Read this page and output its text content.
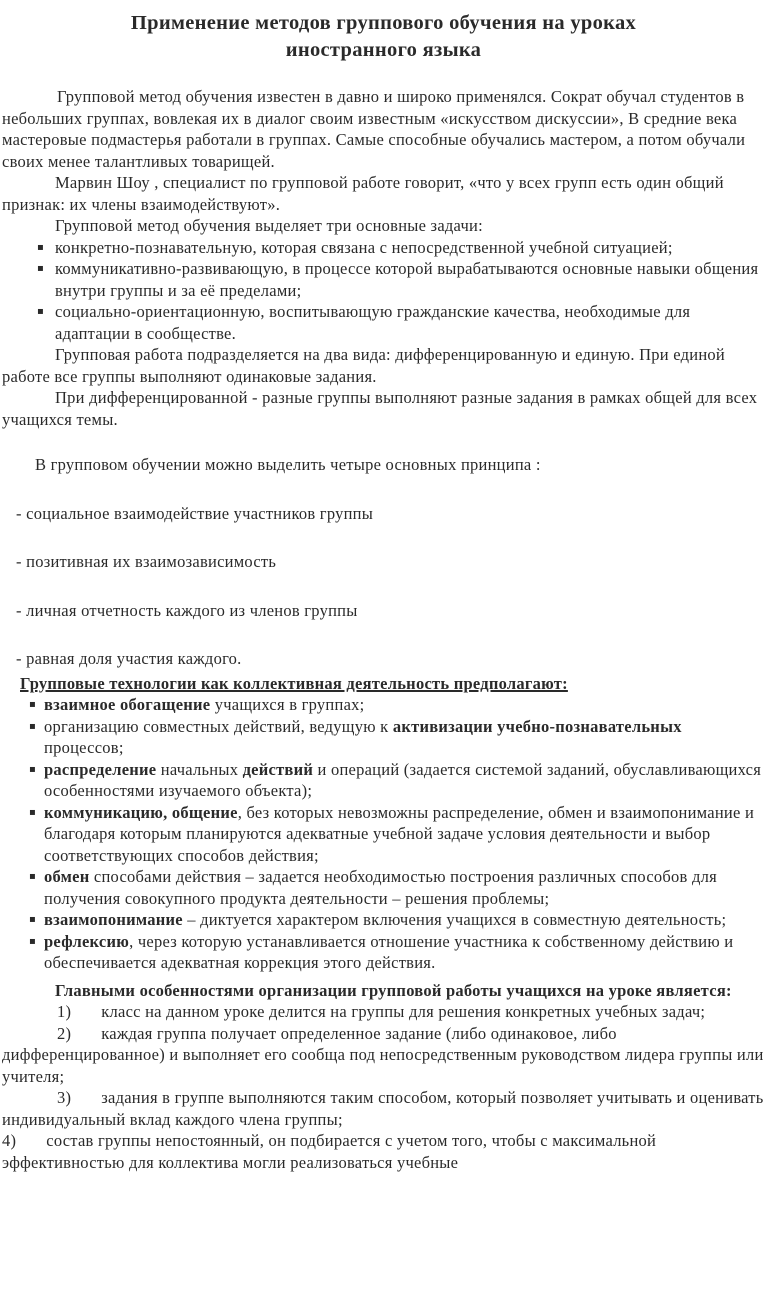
Применение методов группового обучения на уроках
иностранного языка
Групповой метод обучения известен в давно и широко применялся. Сократ обучал студентов в небольших группах, вовлекая их в диалог своим известным «искусством дискуссии», В средние века мастеровые подмастерья работали в группах. Самые способные обучались мастером, а потом обучали своих менее талантливых товарищей.
Марвин Шоу , специалист по групповой работе говорит, «что у всех групп есть один общий признак: их члены взаимодействуют».
Групповой метод обучения выделяет три основные задачи:
▪ конкретно-познавательную, которая связана с непосредственной учебной ситуацией;
▪ коммуникативно-развивающую, в процессе которой вырабатываются основные навыки общения внутри группы и за её пределами;
▪ социально-ориентационную, воспитывающую гражданские качества, необходимые для адаптации в сообществе.
Групповая работа подразделяется на два вида: дифференцированную и единую. При единой работе все группы выполняют одинаковые задания.
При дифференцированной - разные группы выполняют разные задания в рамках общей для всех учащихся темы.
В групповом обучении можно выделить четыре основных принципа :
- социальное взаимодействие участников группы
- позитивная их взаимозависимость
- личная отчетность каждого из членов группы
- равная доля участия каждого.
Групповые технологии как коллективная деятельность предполагают:
▪ взаимное обогащение учащихся в группах;
▪ организацию совместных действий, ведущую к активизации учебно-познавательных процессов;
▪ распределение начальных действий и операций (задается системой заданий, обуславливающихся особенностями изучаемого объекта);
▪ коммуникацию, общение, без которых невозможны распределение, обмен и взаимопонимание и благодаря которым планируются адекватные учебной задаче условия деятельности и выбор соответствующих способов действия;
▪ обмен способами действия – задается необходимостью построения различных способов для получения совокупного продукта деятельности – решения проблемы;
▪ взаимопонимание – диктуется характером включения учащихся в совместную деятельность;
▪ рефлексию, через которую устанавливается отношение участника к собственному действию и обеспечивается адекватная коррекция этого действия.
Главными особенностями организации групповой работы учащихся на уроке является:
1) класс на данном уроке делится на группы для решения конкретных учебных задач;
2) каждая группа получает определенное задание (либо одинаковое, либо дифференцированное) и выполняет его сообща под непосредственным руководством лидера группы или учителя;
3) задания в группе выполняются таким способом, который позволяет учитывать и оценивать индивидуальный вклад каждого члена группы;
4) состав группы непостоянный, он подбирается с учетом того, чтобы с максимальной эффективностью для коллектива могли реализоваться учебные
